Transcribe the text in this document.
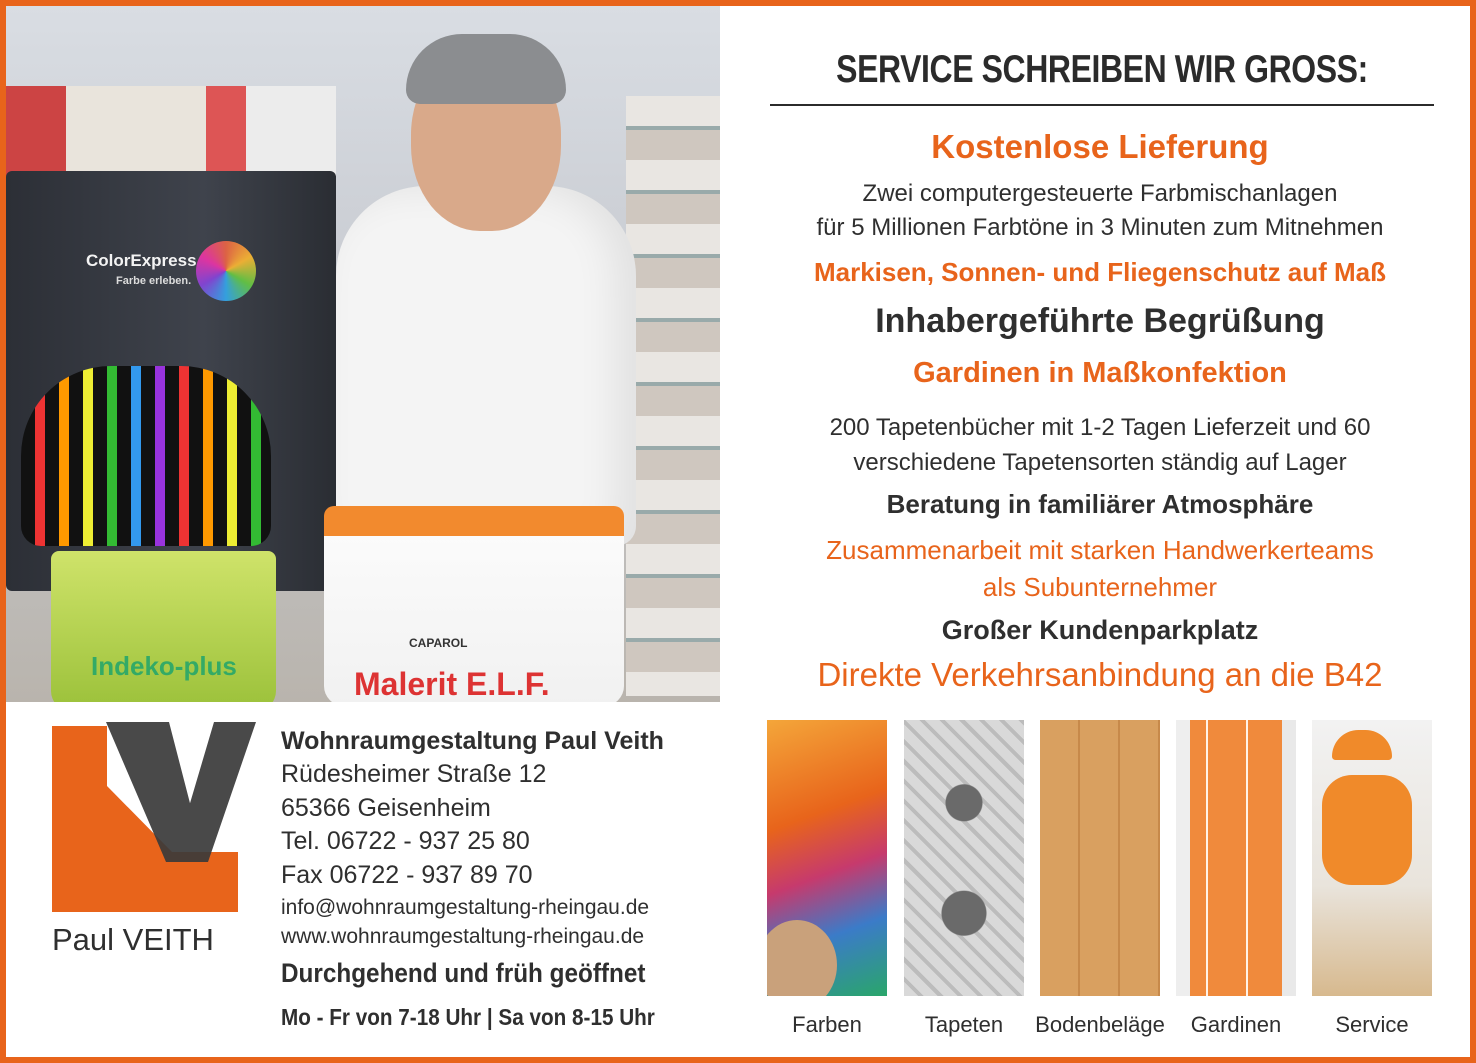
ColorExpress
Farbe erleben.
Indeko-plus	Malerit E.L.F.
CAPAROL
SERVICE SCHREIBEN WIR GROSS:
Kostenlose Lieferung
Zwei computergesteuerte Farbmischanlagen
für 5 Millionen Farbtöne in 3 Minuten zum Mitnehmen
Markisen, Sonnen- und Fliegenschutz auf Maß
Inhabergeführte Begrüßung
Gardinen in Maßkonfektion
200 Tapetenbücher mit 1-2 Tagen Lieferzeit und 60
verschiedene Tapetensorten ständig auf Lager
Beratung in familiärer Atmosphäre
Zusammenarbeit mit starken Handwerkerteams
als Subunternehmer
Großer Kundenparkplatz
Direkte Verkehrsanbindung an die B42
Paul VEITH
Wohnraumgestaltung Paul Veith
Rüdesheimer Straße 12
65366 Geisenheim
Tel. 06722 - 937 25 80
Fax 06722 - 937 89 70
info@wohnraumgestaltung-rheingau.de
www.wohnraumgestaltung-rheingau.de
Durchgehend und früh geöffnet
Mo - Fr von 7-18 Uhr | Sa von 8-15 Uhr	Farben	Tapeten	Bodenbeläge	Gardinen	Service
